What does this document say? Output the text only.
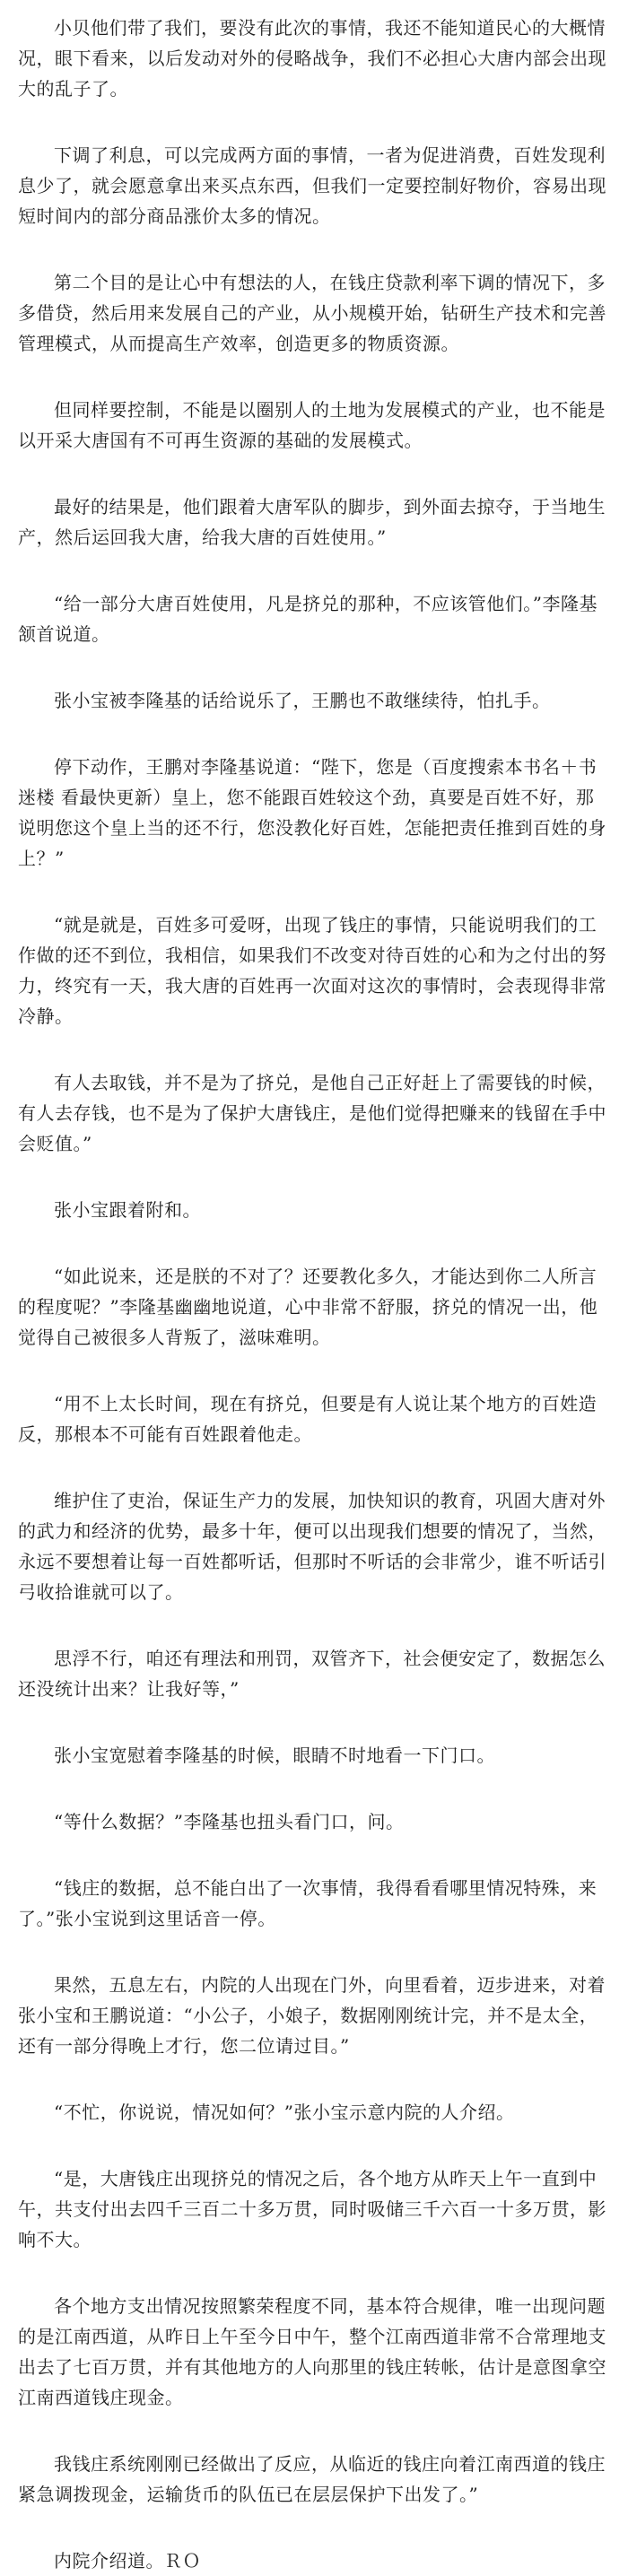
小贝他们带了我们，要没有此次的事情，我还不能知道民心的大概情况，眼下看来，以后发动对外的侵略战争，我们不必担心大唐内部会出现大的乱子了。

下调了利息，可以完成两方面的事情，一者为促进消费，百姓发现利息少了，就会愿意拿出来买点东西，但我们一定要控制好物价，容易出现短时间内的部分商品涨价太多的情况。

第二个目的是让心中有想法的人，在钱庄贷款利率下调的情况下，多多借贷，然后用来发展自己的产业，从小规模开始，钻研生产技术和完善管理模式，从而提高生产效率，创造更多的物质资源。

但同样要控制，不能是以圈别人的土地为发展模式的产业，也不能是以开采大唐国有不可再生资源的基础的发展模式。

最好的结果是，他们跟着大唐军队的脚步，到外面去掠夺，于当地生产，然后运回我大唐，给我大唐的百姓使用。”

“给一部分大唐百姓使用，凡是挤兑的那种，不应该管他们。”李隆基颔首说道。

张小宝被李隆基的话给说乐了，王鹏也不敢继续待，怕扎手。

停下动作，王鹏对李隆基说道：“陛下，您是（百度搜索本书名＋书迷楼 看最快更新）皇上，您不能跟百姓较这个劲，真要是百姓不好，那说明您这个皇上当的还不行，您没教化好百姓，怎能把责任推到百姓的身上？”

“就是就是，百姓多可爱呀，出现了钱庄的事情，只能说明我们的工作做的还不到位，我相信，如果我们不改变对待百姓的心和为之付出的努力，终究有一天，我大唐的百姓再一次面对这次的事情时，会表现得非常冷静。

有人去取钱，并不是为了挤兑，是他自己正好赶上了需要钱的时候，有人去存钱，也不是为了保护大唐钱庄，是他们觉得把赚来的钱留在手中会贬值。”

张小宝跟着附和。

“如此说来，还是朕的不对了？还要教化多久，才能达到你二人所言的程度呢？”李隆基幽幽地说道，心中非常不舒服，挤兑的情况一出，他觉得自己被很多人背叛了，滋味难明。

“用不上太长时间，现在有挤兑，但要是有人说让某个地方的百姓造反，那根本不可能有百姓跟着他走。

维护住了吏治，保证生产力的发展，加快知识的教育，巩固大唐对外的武力和经济的优势，最多十年，便可以出现我们想要的情况了，当然，永远不要想着让每一百姓都听话，但那时不听话的会非常少，谁不听话引弓收拾谁就可以了。

思浮不行，咱还有理法和刑罚，双管齐下，社会便安定了，数据怎么还没统计出来？让我好等，”

张小宝宽慰着李隆基的时候，眼睛不时地看一下门口。

“等什么数据？”李隆基也扭头看门口，问。

“钱庄的数据，总不能白出了一次事情，我得看看哪里情况特殊，来了。”张小宝说到这里话音一停。

果然，五息左右，内院的人出现在门外，向里看着，迈步进来，对着张小宝和王鹏说道：“小公子，小娘子，数据刚刚统计完，并不是太全，还有一部分得晚上才行，您二位请过目。”

“不忙，你说说，情况如何？”张小宝示意内院的人介绍。

“是，大唐钱庄出现挤兑的情况之后，各个地方从昨天上午一直到中午，共支付出去四千三百二十多万贯，同时吸储三千六百一十多万贯，影响不大。

各个地方支出情况按照繁荣程度不同，基本符合规律，唯一出现问题的是江南西道，从昨日上午至今日中午，整个江南西道非常不合常理地支出去了七百万贯，并有其他地方的人向那里的钱庄转帐，估计是意图拿空江南西道钱庄现金。

我钱庄系统刚刚已经做出了反应，从临近的钱庄向着江南西道的钱庄紧急调拨现金，运输货币的队伍已在层层保护下出发了。”

内院介绍道。ＲＯ
